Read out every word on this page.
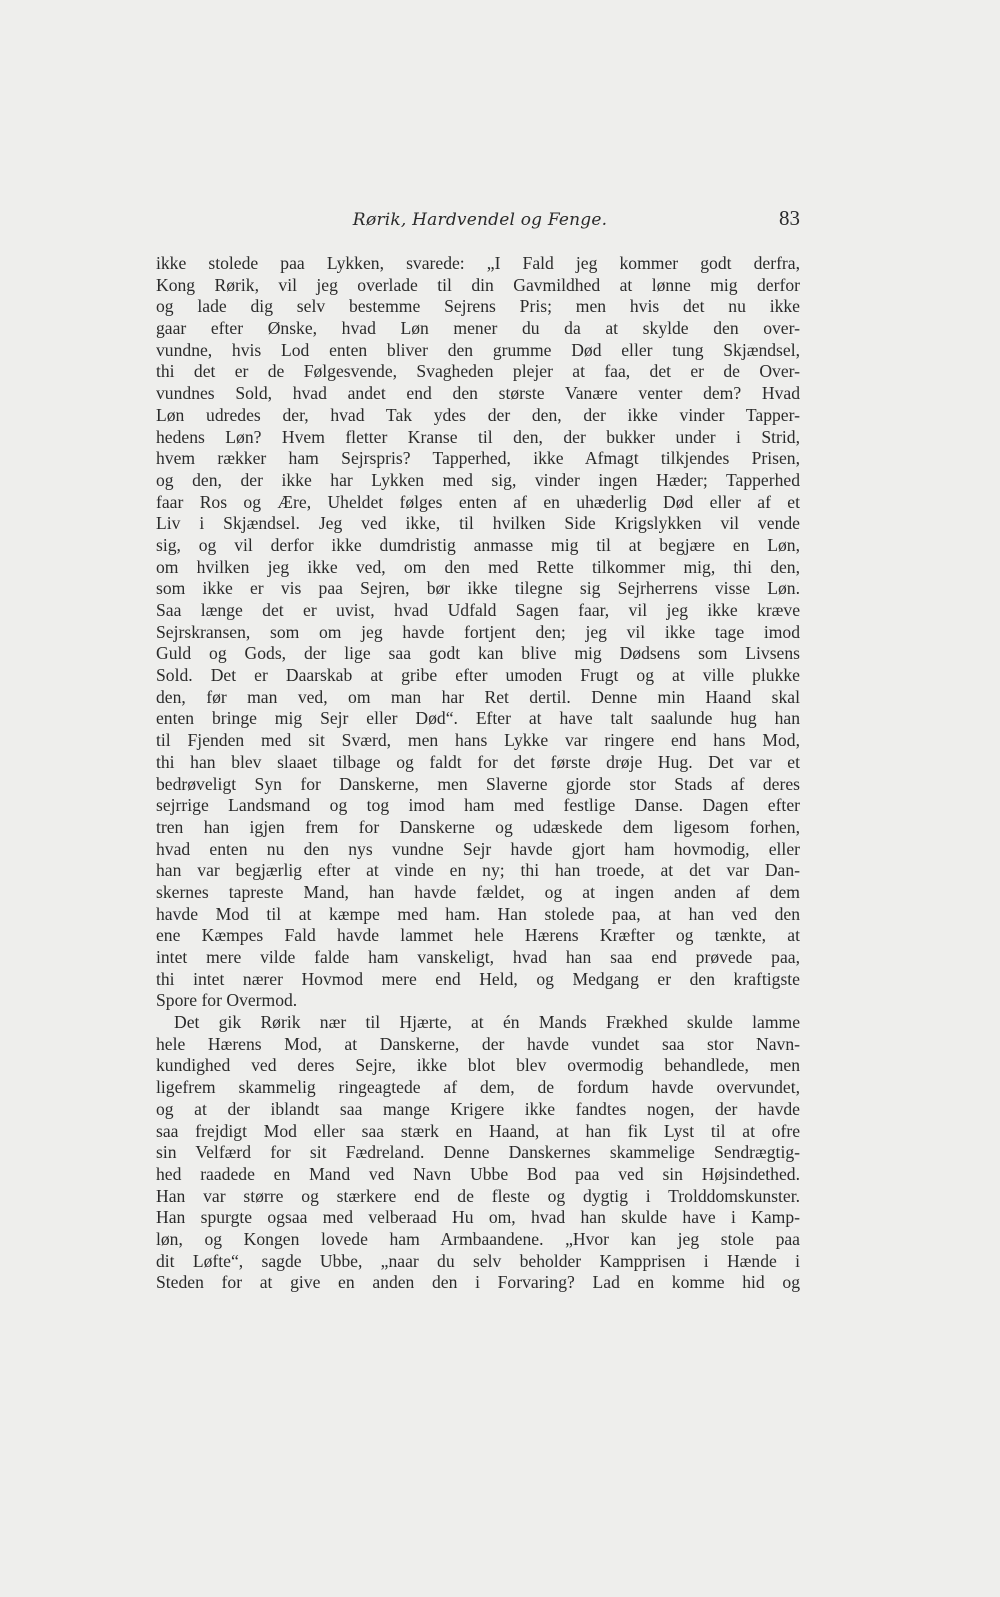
Rørik, Hardvendel og Fenge.	83
ikke stolede paa Lykken, svarede: „I Fald jeg kommer godt derfra,
Kong Rørik, vil jeg overlade til din Gavmildhed at lønne mig derfor
og lade dig selv bestemme Sejrens Pris; men hvis det nu ikke
gaar efter Ønske, hvad Løn mener du da at skylde den over-
vundne, hvis Lod enten bliver den grumme Død eller tung Skjændsel,
thi det er de Følgesvende, Svagheden plejer at faa, det er de Over-
vundnes Sold, hvad andet end den største Vanære venter dem? Hvad
Løn udredes der, hvad Tak ydes der den, der ikke vinder Tapper-
hedens Løn? Hvem fletter Kranse til den, der bukker under i Strid,
hvem rækker ham Sejrspris? Tapperhed, ikke Afmagt tilkjendes Prisen,
og den, der ikke har Lykken med sig, vinder ingen Hæder; Tapperhed
faar Ros og Ære, Uheldet følges enten af en uhæderlig Død eller af et
Liv i Skjændsel. Jeg ved ikke, til hvilken Side Krigslykken vil vende
sig, og vil derfor ikke dumdristig anmasse mig til at begjære en Løn,
om hvilken jeg ikke ved, om den med Rette tilkommer mig, thi den,
som ikke er vis paa Sejren, bør ikke tilegne sig Sejrherrens visse Løn.
Saa længe det er uvist, hvad Udfald Sagen faar, vil jeg ikke kræve
Sejrskransen, som om jeg havde fortjent den; jeg vil ikke tage imod
Guld og Gods, der lige saa godt kan blive mig Dødsens som Livsens
Sold. Det er Daarskab at gribe efter umoden Frugt og at ville plukke
den, før man ved, om man har Ret dertil. Denne min Haand skal
enten bringe mig Sejr eller Død“. Efter at have talt saalunde hug han
til Fjenden med sit Sværd, men hans Lykke var ringere end hans Mod,
thi han blev slaaet tilbage og faldt for det første drøje Hug. Det var et
bedrøveligt Syn for Danskerne, men Slaverne gjorde stor Stads af deres
sejrrige Landsmand og tog imod ham med festlige Danse. Dagen efter
tren han igjen frem for Danskerne og udæskede dem ligesom forhen,
hvad enten nu den nys vundne Sejr havde gjort ham hovmodig, eller
han var begjærlig efter at vinde en ny; thi han troede, at det var Dan-
skernes tapreste Mand, han havde fældet, og at ingen anden af dem
havde Mod til at kæmpe med ham. Han stolede paa, at han ved den
ene Kæmpes Fald havde lammet hele Hærens Kræfter og tænkte, at
intet mere vilde falde ham vanskeligt, hvad han saa end prøvede paa,
thi intet nærer Hovmod mere end Held, og Medgang er den kraftigste
Spore for Overmod.
Det gik Rørik nær til Hjærte, at én Mands Frækhed skulde lamme
hele Hærens Mod, at Danskerne, der havde vundet saa stor Navn-
kundighed ved deres Sejre, ikke blot blev overmodig behandlede, men
ligefrem skammelig ringeagtede af dem, de fordum havde overvundet,
og at der iblandt saa mange Krigere ikke fandtes nogen, der havde
saa frejdigt Mod eller saa stærk en Haand, at han fik Lyst til at ofre
sin Velfærd for sit Fædreland. Denne Danskernes skammelige Sendrægtig-
hed raadede en Mand ved Navn Ubbe Bod paa ved sin Højsindethed.
Han var større og stærkere end de fleste og dygtig i Trolddomskunster.
Han spurgte ogsaa med velberaad Hu om, hvad han skulde have i Kamp-
løn, og Kongen lovede ham Armbaandene. „Hvor kan jeg stole paa
dit Løfte“, sagde Ubbe, „naar du selv beholder Kampprisen i Hænde i
Steden for at give en anden den i Forvaring? Lad en komme hid og
